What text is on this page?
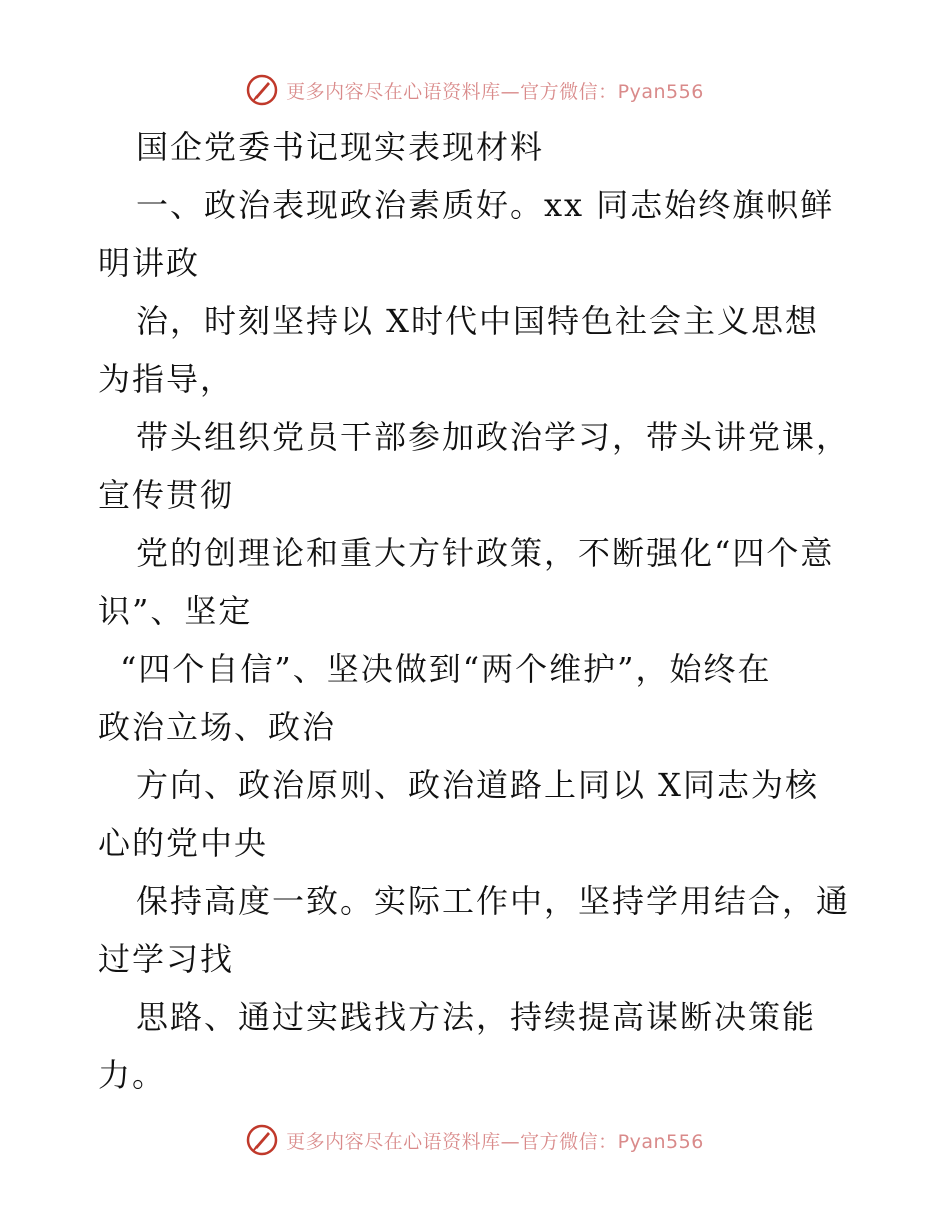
更多内容尽在心语资料库—官方微信：Pyan556
国企党委书记现实表现材料
一、政治表现政治素质好。xx 同志始终旗帜鲜
明讲政
治，时刻坚持以 X时代中国特色社会主义思想
为指导，
带头组织党员干部参加政治学习，带头讲党课，
宣传贯彻
党的创理论和重大方针政策，不断强化“四个意
识”、坚定
“四个自信”、坚决做到“两个维护”，始终在
政治立场、政治
方向、政治原则、政治道路上同以 X同志为核
心的党中央
保持高度一致。实际工作中，坚持学用结合，通
过学习找
思路、通过实践找方法，持续提高谋断决策能
力。
更多内容尽在心语资料库—官方微信：Pyan556
